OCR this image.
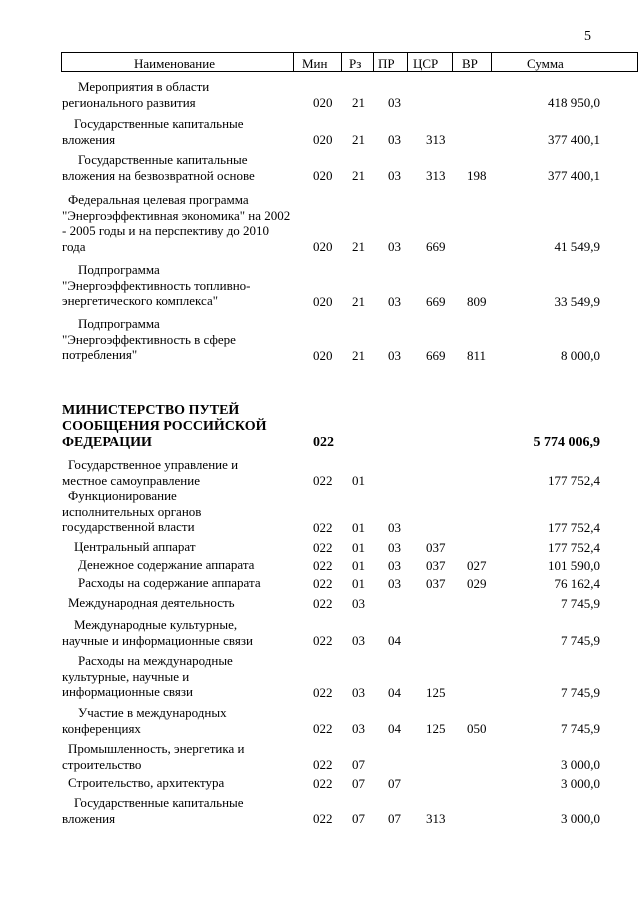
5
Наименование	Мин Рз ПР ЦСР ВР	Сумма
Мероприятия в области регионального развития	020 21 03	418 950,0
Государственные капитальные вложения	020 21 03 313	377 400,1
Государственные капитальные вложения на безвозвратной основе	020 21 03 313 198	377 400,1
Федеральная целевая программа "Энергоэффективная экономика" на 2002 - 2005 годы и на перспективу до 2010 года	020 21 03 669	41 549,9
Подпрограмма "Энергоэффективность топливно-энергетического комплекса"	020 21 03 669 809	33 549,9
Подпрограмма "Энергоэффективность в сфере потребления"	020 21 03 669 811	8 000,0
МИНИСТЕРСТВО ПУТЕЙ СООБЩЕНИЯ РОССИЙСКОЙ ФЕДЕРАЦИИ	022	5 774 006,9
Государственное управление и местное самоуправление	022 01	177 752,4
Функционирование исполнительных органов государственной власти	022 01 03	177 752,4
Центральный аппарат	022 01 03 037	177 752,4
Денежное содержание аппарата	022 01 03 037 027	101 590,0
Расходы на содержание аппарата	022 01 03 037 029	76 162,4
Международная деятельность	022 03	7 745,9
Международные культурные, научные и информационные связи	022 03 04	7 745,9
Расходы на международные культурные, научные и информационные связи	022 03 04 125	7 745,9
Участие в международных конференциях	022 03 04 125 050	7 745,9
Промышленность, энергетика и строительство	022 07	3 000,0
Строительство, архитектура	022 07 07	3 000,0
Государственные капитальные вложения	022 07 07 313	3 000,0
